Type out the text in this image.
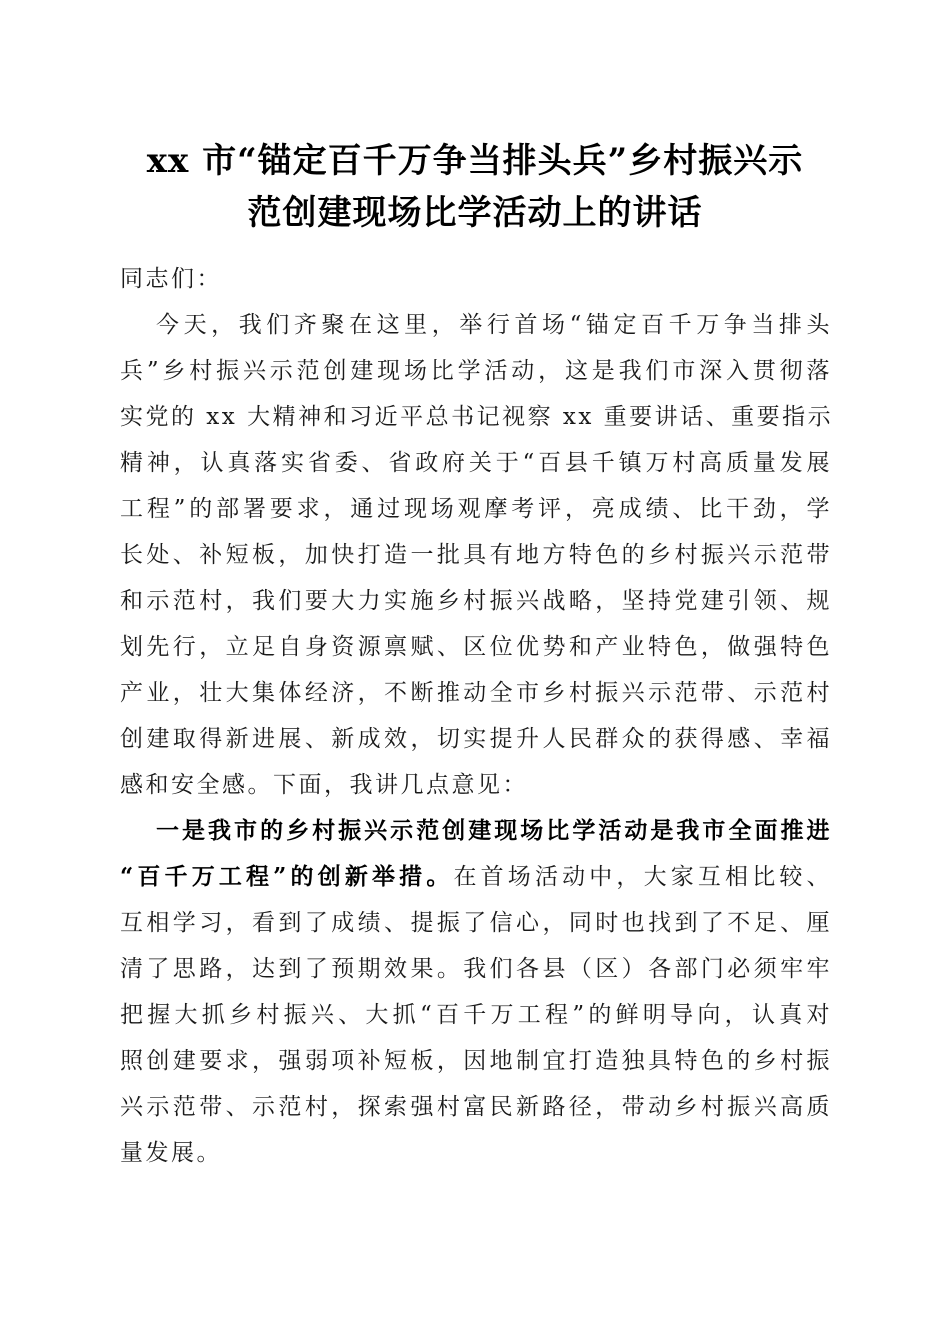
xx 市“锚定百千万争当排头兵”乡村振兴示
范创建现场比学活动上的讲话
同志们：
今天，我们齐聚在这里，举行首场“锚定百千万争当排头
兵”乡村振兴示范创建现场比学活动，这是我们市深入贯彻落
实党的 xx 大精神和习近平总书记视察 xx 重要讲话、重要指示
精神，认真落实省委、省政府关于“百县千镇万村高质量发展
工程”的部署要求，通过现场观摩考评，亮成绩、比干劲，学
长处、补短板，加快打造一批具有地方特色的乡村振兴示范带
和示范村，我们要大力实施乡村振兴战略，坚持党建引领、规
划先行，立足自身资源禀赋、区位优势和产业特色，做强特色
产业，壮大集体经济，不断推动全市乡村振兴示范带、示范村
创建取得新进展、新成效，切实提升人民群众的获得感、幸福
感和安全感。下面，我讲几点意见：
一是我市的乡村振兴示范创建现场比学活动是我市全面推进
“百千万工程”的创新举措。在首场活动中，大家互相比较、
互相学习，看到了成绩、提振了信心，同时也找到了不足、厘
清了思路，达到了预期效果。我们各县（区）各部门必须牢牢
把握大抓乡村振兴、大抓“百千万工程”的鲜明导向，认真对
照创建要求，强弱项补短板，因地制宜打造独具特色的乡村振
兴示范带、示范村，探索强村富民新路径，带动乡村振兴高质
量发展。
